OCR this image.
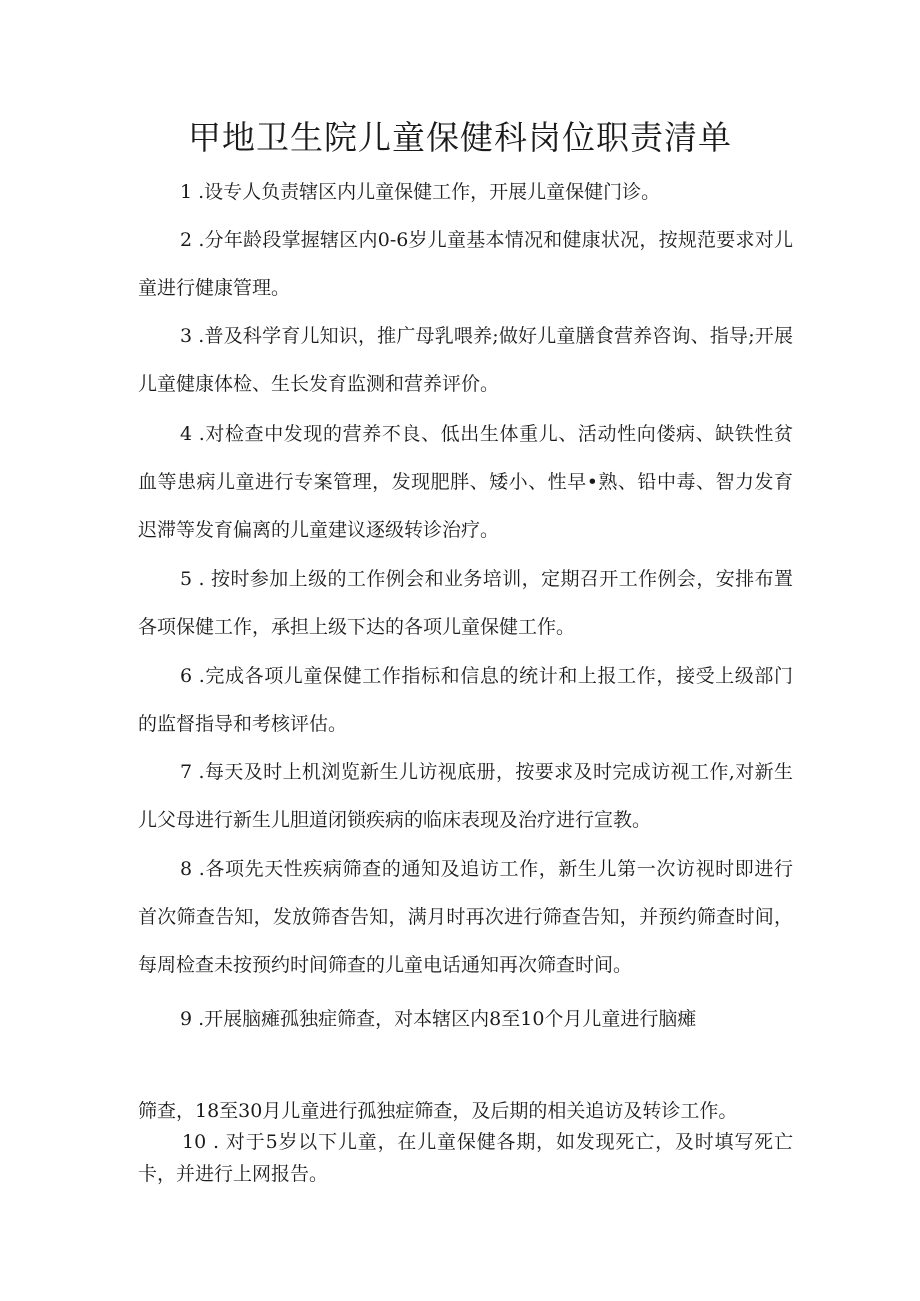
甲地卫生院儿童保健科岗位职责清单

1 .设专人负责辖区内儿童保健工作，开展儿童保健门诊。

2 .分年龄段掌握辖区内0-6岁儿童基本情况和健康状况，按规范要求对儿童进行健康管理。

3 .普及科学育儿知识，推广母乳喂养;做好儿童膳食营养咨询、指导;开展儿童健康体检、生长发育监测和营养评价。

4 .对检查中发现的营养不良、低出生体重儿、活动性向偻病、缺铁性贫血等患病儿童进行专案管理，发现肥胖、矮小、性早•熟、铅中毒、智力发育迟滞等发育偏离的儿童建议逐级转诊治疗。

5 . 按时参加上级的工作例会和业务培训，定期召开工作例会，安排布置各项保健工作，承担上级下达的各项儿童保健工作。

6 .完成各项儿童保健工作指标和信息的统计和上报工作，接受上级部门的监督指导和考核评估。

7 .每天及时上机浏览新生儿访视底册，按要求及时完成访视工作,对新生儿父母进行新生儿胆道闭锁疾病的临床表现及治疗进行宣教。

8 .各项先天性疾病筛查的通知及追访工作，新生儿第一次访视时即进行首次筛查告知，发放筛杳告知，满月时再次进行筛查告知，并预约筛查时间，每周检查未按预约时间筛查的儿童电话通知再次筛查时间。

9 .开展脑瘫孤独症筛查，对本辖区内8至10个月儿童进行脑瘫

筛查，18至30月儿童进行孤独症筛查，及后期的相关追访及转诊工作。

10 . 对于5岁以下儿童，在儿童保健各期，如发现死亡，及时填写死亡卡，并进行上网报告。
